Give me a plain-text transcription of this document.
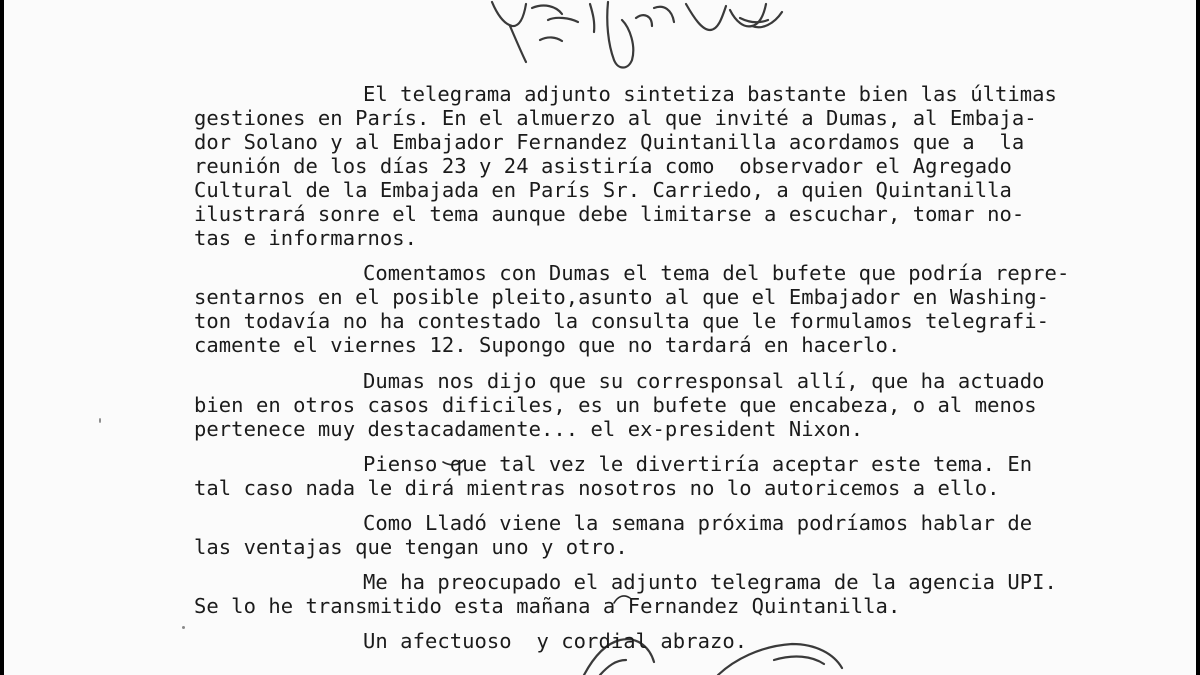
El telegrama adjunto sintetiza bastante bien las últimas

gestiones en París. En el almuerzo al que invité a Dumas, al Embaja-

dor Solano y al Embajador Fernandez Quintanilla acordamos que a  la

reunión de los días 23 y 24 asistiría como  observador el Agregado

Cultural de la Embajada en París Sr. Carriedo, a quien Quintanilla

ilustrará sonre el tema aunque debe limitarse a escuchar, tomar no-

tas e informarnos.

Comentamos con Dumas el tema del bufete que podría repre-

sentarnos en el posible pleito,asunto al que el Embajador en Washing-

ton todavía no ha contestado la consulta que le formulamos telegrafi-

camente el viernes 12. Supongo que no tardará en hacerlo.

Dumas nos dijo que su corresponsal allí, que ha actuado

bien en otros casos dificiles, es un bufete que encabeza, o al menos

pertenece muy destacadamente... el ex-president Nixon.

Pienso que tal vez le divertiría aceptar este tema. En

tal caso nada le dirá mientras nosotros no lo autoricemos a ello.

Como Lladó viene la semana próxima podríamos hablar de

las ventajas que tengan uno y otro.

Me ha preocupado el adjunto telegrama de la agencia UPI.

Se lo he transmitido esta mañana a Fernandez Quintanilla.

Un afectuoso  y cordial abrazo.
